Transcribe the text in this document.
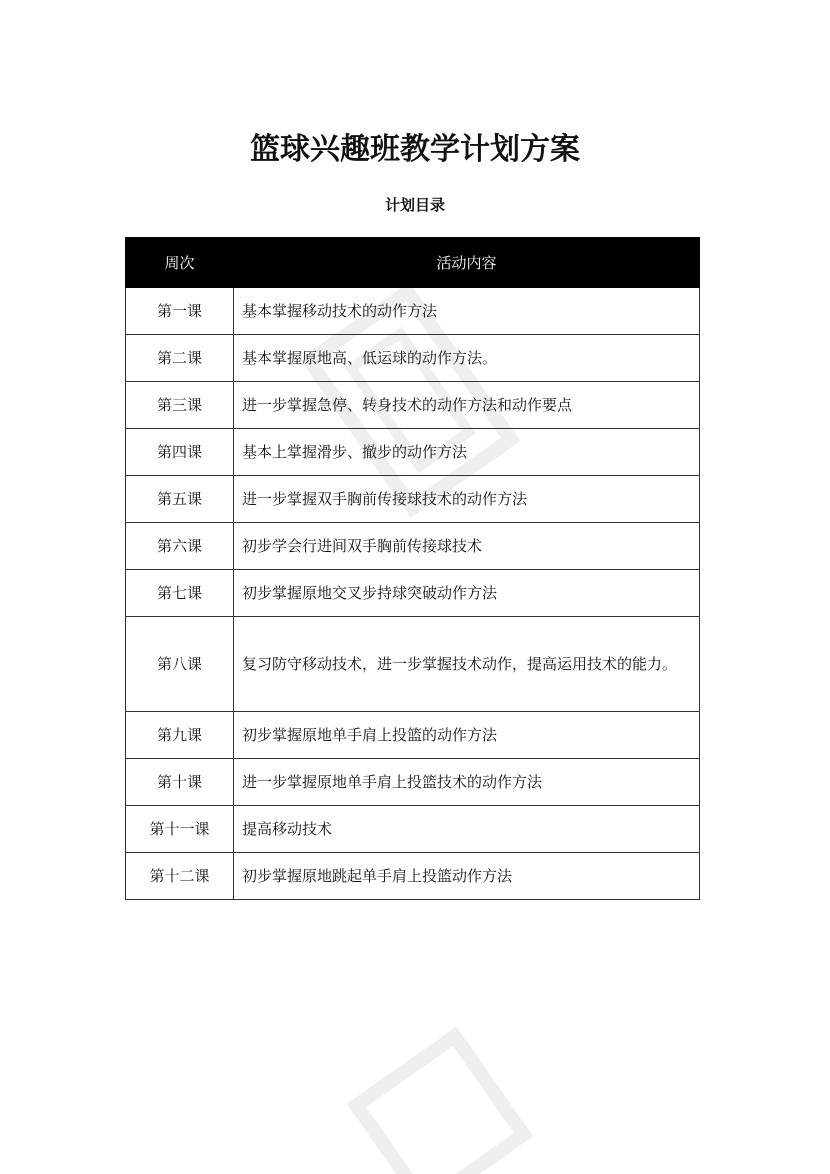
篮球兴趣班教学计划方案
计划目录
周次	活动内容
第一课	基本掌握移动技术的动作方法
第二课	基本掌握原地高、低运球的动作方法。
第三课	进一步掌握急停、转身技术的动作方法和动作要点
第四课	基本上掌握滑步、撤步的动作方法
第五课	进一步掌握双手胸前传接球技术的动作方法
第六课	初步学会行进间双手胸前传接球技术
第七课	初步掌握原地交叉步持球突破动作方法
第八课	复习防守移动技术，进一步掌握技术动作，提高运用技术的能力。
第九课	初步掌握原地单手肩上投篮的动作方法
第十课	进一步掌握原地单手肩上投篮技术的动作方法
第十一课	提高移动技术
第十二课	初步掌握原地跳起单手肩上投篮动作方法
